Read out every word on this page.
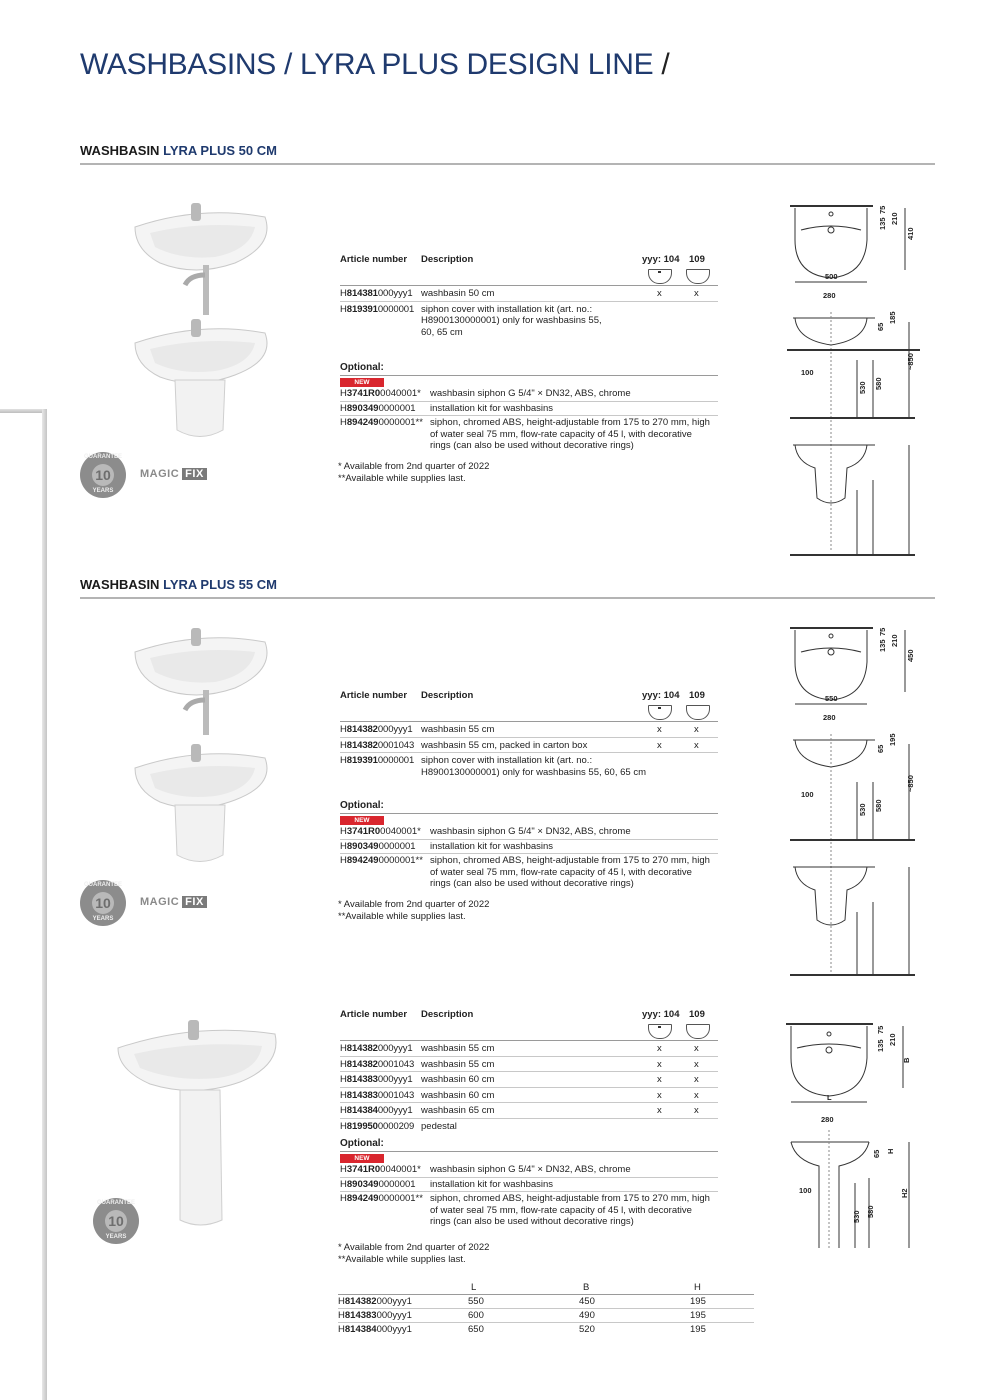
WASHBASINS / LYRA PLUS DESIGN LINE /
WASHBASIN LYRA PLUS 50 CM
GUARANTEE
10
YEARS
MAGIC FIX
Article number Description	yyy: 104 109
H814381000yyy1 washbasin 50 cm	x	x
H8193910000001 siphon cover with installation kit (art. no.: H8900130000001) only for washbasins 55, 60, 65 cm
Optional:
NEW
H3741R00040001* washbasin siphon G 5/4" × DN32, ABS, chrome
H8903490000001	installation kit for washbasins
H8942490000001** siphon, chromed ABS, height-adjustable from 175 to 270 mm, high of water seal 75 mm, flow-rate capacity of 45 l, with decorative rings (can also be used without decorative rings)
* Available from 2nd quarter of 2022
**Available while supplies last.
500
410
135
75
210
280
65
185
~850
100
530 580
WASHBASIN LYRA PLUS 55 CM
GUARANTEE
10
YEARS
MAGIC FIX
Article number Description	yyy: 104 109
H814382000yyy1 washbasin 55 cm	x	x
H8143820001043 washbasin 55 cm, packed in carton box	x	x
H8193910000001 siphon cover with installation kit (art. no.: H8900130000001) only for washbasins 55, 60, 65 cm
Optional:
NEW
H3741R00040001* washbasin siphon G 5/4" × DN32, ABS, chrome
H8903490000001	installation kit for washbasins
H8942490000001** siphon, chromed ABS, height-adjustable from 175 to 270 mm, high of water seal 75 mm, flow-rate capacity of 45 l, with decorative rings (can also be used without decorative rings)
* Available from 2nd quarter of 2022
**Available while supplies last.
550
450
135
75
210
280
65
195
~850
100
530 580
GUARANTEE
10
YEARS
Article number Description	yyy: 104 109
H814382000yyy1 washbasin 55 cm	x	x
H8143820001043 washbasin 55 cm	x	x
H814383000yyy1 washbasin 60 cm	x	x
H8143830001043 washbasin 60 cm	x	x
H814384000yyy1 washbasin 65 cm	x	x
H8199500000209 pedestal
Optional:
NEW
H3741R00040001* washbasin siphon G 5/4" × DN32, ABS, chrome
H8903490000001	installation kit for washbasins
H8942490000001** siphon, chromed ABS, height-adjustable from 175 to 270 mm, high of water seal 75 mm, flow-rate capacity of 45 l, with decorative rings (can also be used without decorative rings)
* Available from 2nd quarter of 2022
**Available while supplies last.
L	B	H
H814382000yyy1	550	450	195
H814383000yyy1	600	490	195
H814384000yyy1	650	520	195
L
B
135
75
210
280
65 H
H2
100
530 580
